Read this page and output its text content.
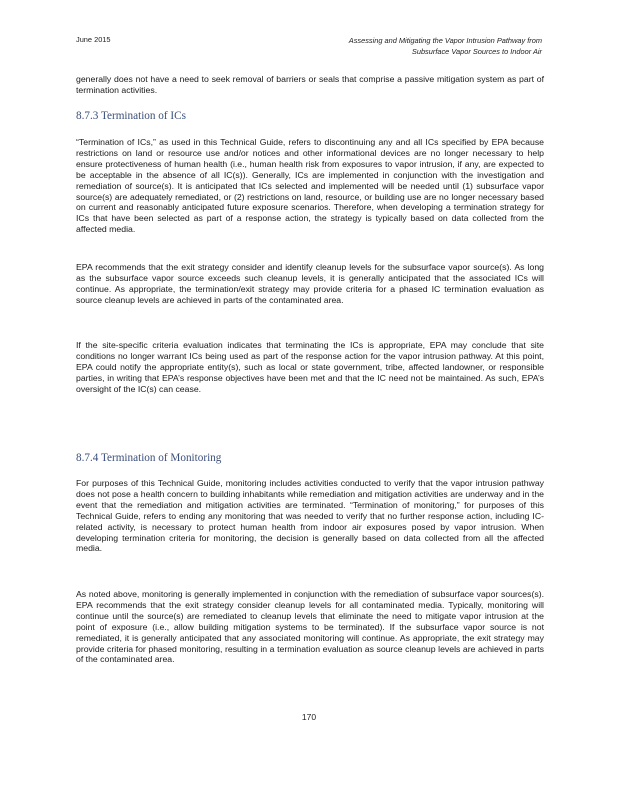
June 2015	Assessing and Mitigating the Vapor Intrusion Pathway from
Subsurface Vapor Sources to Indoor Air

generally does not have a need to seek removal of barriers or seals that comprise a passive mitigation system as part of termination activities.

8.7.3 Termination of ICs

“Termination of ICs,” as used in this Technical Guide, refers to discontinuing any and all ICs specified by EPA because restrictions on land or resource use and/or notices and other informational devices are no longer necessary to help ensure protectiveness of human health (i.e., human health risk from exposures to vapor intrusion, if any, are expected to be acceptable in the absence of all IC(s)). Generally, ICs are implemented in conjunction with the investigation and remediation of source(s). It is anticipated that ICs selected and implemented will be needed until (1) subsurface vapor source(s) are adequately remediated, or (2) restrictions on land, resource, or building use are no longer necessary based on current and reasonably anticipated future exposure scenarios. Therefore, when developing a termination strategy for ICs that have been selected as part of a response action, the strategy is typically based on data collected from the affected media.

EPA recommends that the exit strategy consider and identify cleanup levels for the subsurface vapor source(s). As long as the subsurface vapor source exceeds such cleanup levels, it is generally anticipated that the associated ICs will continue. As appropriate, the termination/exit strategy may provide criteria for a phased IC termination evaluation as source cleanup levels are achieved in parts of the contaminated area.

If the site-specific criteria evaluation indicates that terminating the ICs is appropriate, EPA may conclude that site conditions no longer warrant ICs being used as part of the response action for the vapor intrusion pathway. At this point, EPA could notify the appropriate entity(s), such as local or state government, tribe, affected landowner, or responsible parties, in writing that EPA’s response objectives have been met and that the IC need not be maintained. As such, EPA’s oversight of the IC(s) can cease.

8.7.4 Termination of Monitoring

For purposes of this Technical Guide, monitoring includes activities conducted to verify that the vapor intrusion pathway does not pose a health concern to building inhabitants while remediation and mitigation activities are underway and in the event that the remediation and mitigation activities are terminated. “Termination of monitoring,” for purposes of this Technical Guide, refers to ending any monitoring that was needed to verify that no further response action, including IC-related activity, is necessary to protect human health from indoor air exposures posed by vapor intrusion. When developing termination criteria for monitoring, the decision is generally based on data collected from all the affected media.

As noted above, monitoring is generally implemented in conjunction with the remediation of subsurface vapor sources(s). EPA recommends that the exit strategy consider cleanup levels for all contaminated media. Typically, monitoring will continue until the source(s) are remediated to cleanup levels that eliminate the need to mitigate vapor intrusion at the point of exposure (i.e., allow building mitigation systems to be terminated). If the subsurface vapor source is not remediated, it is generally anticipated that any associated monitoring will continue. As appropriate, the exit strategy may provide criteria for phased monitoring, resulting in a termination evaluation as source cleanup levels are achieved in parts of the contaminated area.

170
